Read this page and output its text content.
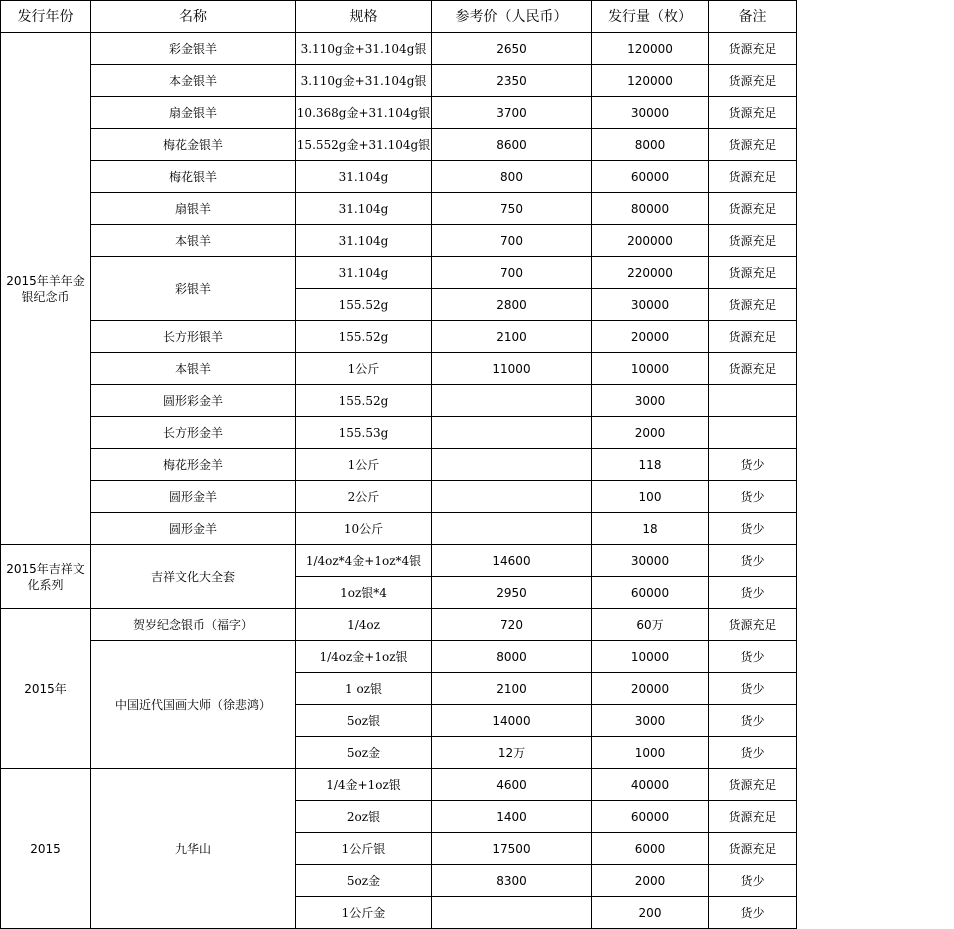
发行年份	名称	规格	参考价（人民币）	发行量（枚）	备注
2015年羊年金银纪念币	彩金银羊	3.110g金+31.104g银	2650	120000	货源充足
	本金银羊	3.110g金+31.104g银	2350	120000	货源充足
	扇金银羊	10.368g金+31.104g银	3700	30000	货源充足
	梅花金银羊	15.552g金+31.104g银	8600	8000	货源充足
	梅花银羊	31.104g	800	60000	货源充足
	扇银羊	31.104g	750	80000	货源充足
	本银羊	31.104g	700	200000	货源充足
	彩银羊	31.104g	700	220000	货源充足
		155.52g	2800	30000	货源充足
	长方形银羊	155.52g	2100	20000	货源充足
	本银羊	1公斤	11000	10000	货源充足
	圆形彩金羊	155.52g		3000	
	长方形金羊	155.53g		2000	
	梅花形金羊	1公斤		118	货少
	圆形金羊	2公斤		100	货少
	圆形金羊	10公斤		18	货少
2015年吉祥文化系列	吉祥文化大全套	1/4oz*4金+1oz*4银	14600	30000	货少
		1oz银*4	2950	60000	货少
2015年	贺岁纪念银币（福字）	1/4oz	720	60万	货源充足
	中国近代国画大师（徐悲鸿）	1/4oz金+1oz银	8000	10000	货少
		1 oz银	2100	20000	货少
		5oz银	14000	3000	货少
		5oz金	12万	1000	货少
2015	九华山	1/4金+1oz银	4600	40000	货源充足
		2oz银	1400	60000	货源充足
		1公斤银	17500	6000	货源充足
		5oz金	8300	2000	货少
		1公斤金		200	货少
